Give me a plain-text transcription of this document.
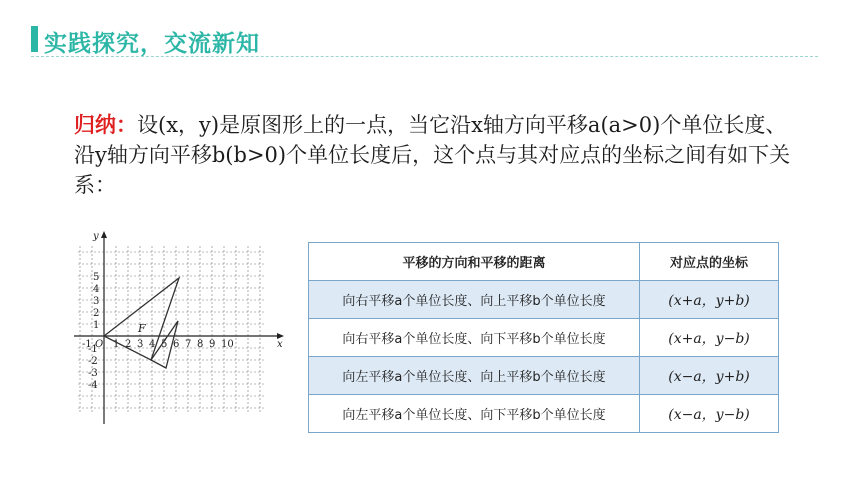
实践探究，交流新知
归纳：设(x，y)是原图形上的一点，当它沿x轴方向平移a(a>0)个单位长度、沿y轴方向平移b(b>0)个单位长度后，这个点与其对应点的坐标之间有如下关系：
F
1 2 3 4 5 6 7 8 9 10
5
4
3
2
1
-1
-2
-3
-4
-1 O	x
y
平移的方向和平移的距离	对应点的坐标
向右平移a个单位长度、向上平移b个单位长度	(x+a，y+b)
向右平移a个单位长度、向下平移b个单位长度	(x+a，y−b)
向左平移a个单位长度、向上平移b个单位长度	(x−a，y+b)
向左平移a个单位长度、向下平移b个单位长度	(x−a，y−b)
